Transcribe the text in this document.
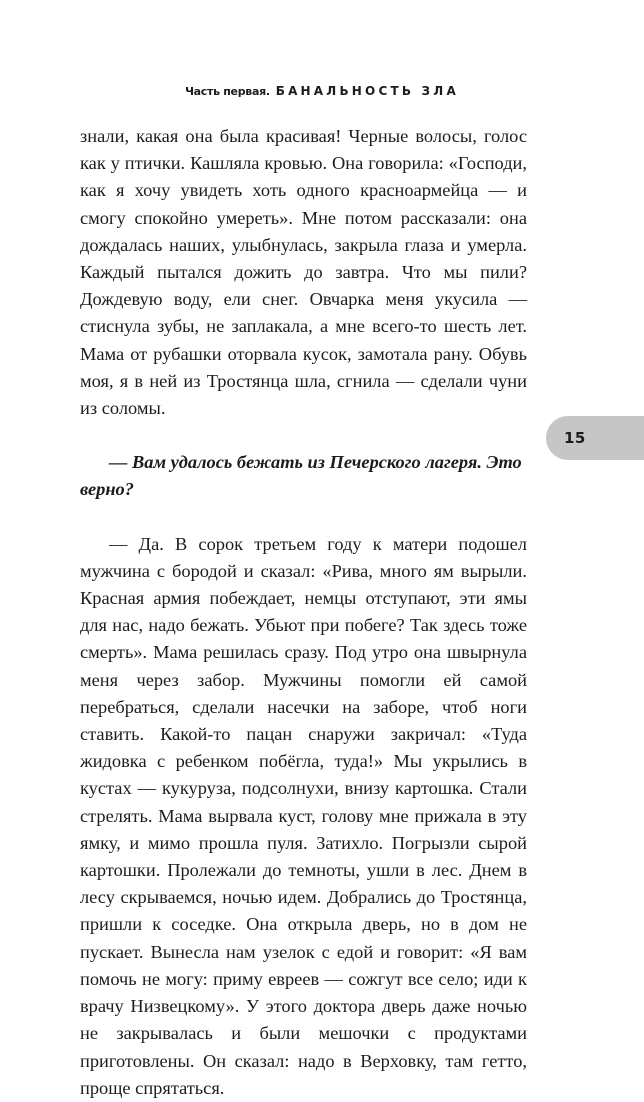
Часть первая. БАНАЛЬНОСТЬ ЗЛА

знали, какая она была красивая! Черные волосы, голос как у птички. Кашляла кровью. Она говорила: «Господи, как я хочу увидеть хоть одного красноармейца — и смогу спокойно умереть». Мне потом рассказали: она дождалась наших, улыбнулась, закрыла глаза и умерла. Каждый пытался дожить до завтра. Что мы пили? Дождевую воду, ели снег. Овчарка меня укусила — стиснула зубы, не заплакала, а мне всего-то шесть лет. Мама от рубашки оторвала кусок, замотала рану. Обувь моя, я в ней из Тростянца шла, сгнила — сделали чуни из соломы.

— Вам удалось бежать из Печерского лагеря. Это верно?

— Да. В сорок третьем году к матери подошел мужчина с бородой и сказал: «Рива, много ям вырыли. Красная армия побеждает, немцы отступают, эти ямы для нас, надо бежать. Убьют при побеге? Так здесь тоже смерть». Мама решилась сразу. Под утро она швырнула меня через забор. Мужчины помогли ей самой перебраться, сделали насечки на заборе, чтоб ноги ставить. Какой-то пацан снаружи закричал: «Туда жидовка с ребенком побёгла, туда!» Мы укрылись в кустах — кукуруза, подсолнухи, внизу картошка. Стали стрелять. Мама вырвала куст, голову мне прижала в эту ямку, и мимо прошла пуля. Затихло. Погрызли сырой картошки. Пролежали до темноты, ушли в лес. Днем в лесу скрываемся, ночью идем. Добрались до Тростянца, пришли к соседке. Она открыла дверь, но в дом не пускает. Вынесла нам узелок с едой и говорит: «Я вам помочь не могу: приму евреев — сожгут все село; иди к врачу Низвецкому». У этого доктора дверь даже ночью не закрывалась и были мешочки с продуктами приготовлены. Он сказал: надо в Верховку, там гетто, проще спрятаться.

15
